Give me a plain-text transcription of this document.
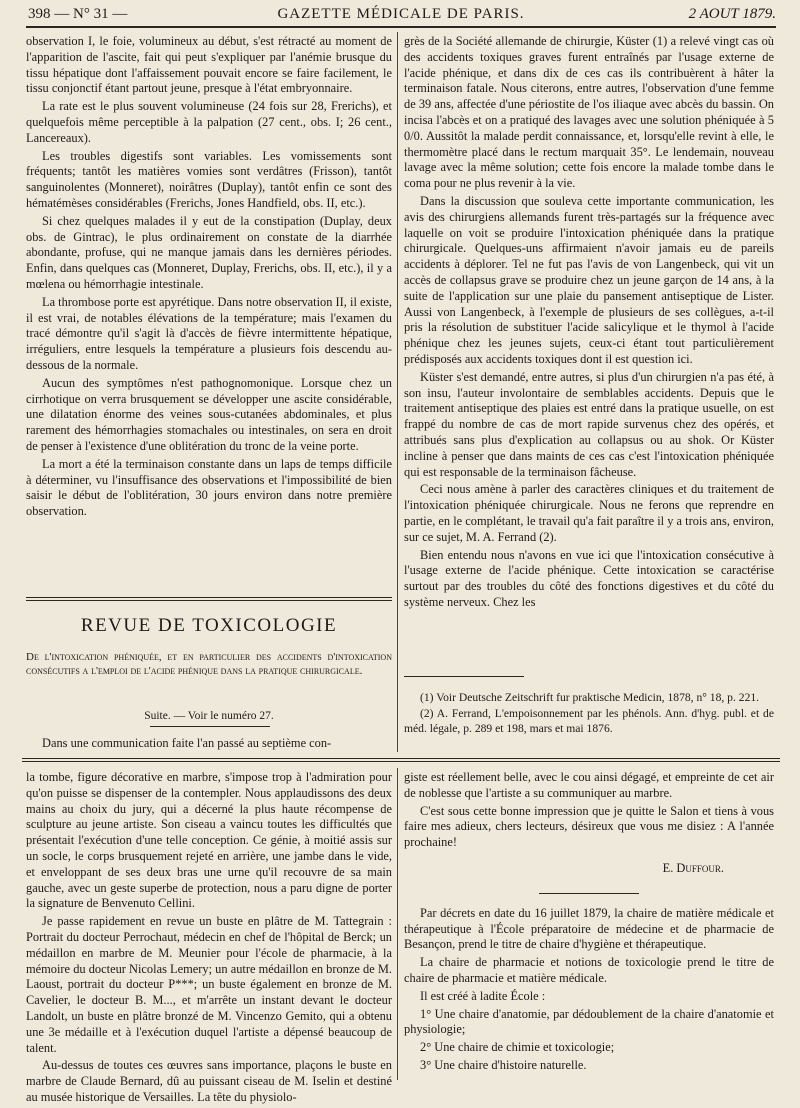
398 — N° 31 —	GAZETTE MÉDICALE DE PARIS.	2 AOUT 1879.

observation I, le foie, volumineux au début, s'est rétracté au moment de l'apparition de l'ascite, fait qui peut s'expliquer par l'anémie brusque du tissu hépatique dont l'affaissement pouvait encore se faire facilement, le tissu conjonctif étant partout jeune, presque à l'état embryonnaire.

La rate est le plus souvent volumineuse (24 fois sur 28, Frerichs), et quelquefois même perceptible à la palpation (27 cent., obs. I; 26 cent., Lancereaux).

Les troubles digestifs sont variables. Les vomissements sont fréquents; tantôt les matières vomies sont verdâtres (Frisson), tantôt sanguinolentes (Monneret), noirâtres (Duplay), tantôt enfin ce sont des hématémèses considérables (Frerichs, Jones Handfield, obs. II, etc.).

Si chez quelques malades il y eut de la constipation (Duplay, deux obs. de Gintrac), le plus ordinairement on constate de la diarrhée abondante, profuse, qui ne manque jamais dans les dernières périodes. Enfin, dans quelques cas (Monneret, Duplay, Frerichs, obs. II, etc.), il y a mœlena ou hémorrhagie intestinale.

La thrombose porte est apyrétique. Dans notre observation II, il existe, il est vrai, de notables élévations de la température; mais l'examen du tracé démontre qu'il s'agit là d'accès de fièvre intermittente hépatique, irréguliers, entre lesquels la température a plusieurs fois descendu au-dessous de la normale.

Aucun des symptômes n'est pathognomonique. Lorsque chez un cirrhotique on verra brusquement se développer une ascite considérable, une dilatation énorme des veines sous-cutanées abdominales, et plus rarement des hémorrhagies stomachales ou intestinales, on sera en droit de penser à l'existence d'une oblitération du tronc de la veine porte.

La mort a été la terminaison constante dans un laps de temps difficile à déterminer, vu l'insuffisance des observations et l'impossibilité de bien saisir le début de l'oblitération, 30 jours environ dans notre première observation.

REVUE DE TOXICOLOGIE
De l'intoxication phéniquée, et en particulier des accidents d'intoxication consécutifs a l'emploi de l'acide phénique dans la pratique chirurgicale.
Suite. — Voir le numéro 27.
Dans une communication faite l'an passé au septième con-

grès de la Société allemande de chirurgie, Küster (1) a relevé vingt cas où des accidents toxiques graves furent entraînés par l'usage externe de l'acide phénique, et dans dix de ces cas ils contribuèrent à hâter la terminaison fatale. Nous citerons, entre autres, l'observation d'une femme de 39 ans, affectée d'une périostite de l'os iliaque avec abcès du bassin. On incisa l'abcès et on a pratiqué des lavages avec une solution phéniquée à 5 0/0. Aussitôt la malade perdit connaissance, et, lorsqu'elle revint à elle, le thermomètre placé dans le rectum marquait 35°. Le lendemain, nouveau lavage avec la même solution; cette fois encore la malade tombe dans le coma pour ne plus revenir à la vie.

Dans la discussion que souleva cette importante communication, les avis des chirurgiens allemands furent très-partagés sur la fréquence avec laquelle on voit se produire l'intoxication phéniquée dans la pratique chirurgicale. Quelques-uns affirmaient n'avoir jamais eu de pareils accidents à déplorer. Tel ne fut pas l'avis de von Langenbeck, qui vit un accès de collapsus grave se produire chez un jeune garçon de 14 ans, à la suite de l'application sur une plaie du pansement antiseptique de Lister. Aussi von Langenbeck, à l'exemple de plusieurs de ses collègues, a-t-il pris la résolution de substituer l'acide salicylique et le thymol à l'acide phénique chez les jeunes sujets, ceux-ci étant tout particulièrement prédisposés aux accidents toxiques dont il est question ici.

Küster s'est demandé, entre autres, si plus d'un chirurgien n'a pas été, à son insu, l'auteur involontaire de semblables accidents. Depuis que le traitement antiseptique des plaies est entré dans la pratique usuelle, on est frappé du nombre de cas de mort rapide survenus chez des opérés, et attribués sans plus d'explication au collapsus ou au shok. Or Küster incline à penser que dans maints de ces cas c'est l'intoxication phéniquée qui est responsable de la terminaison fâcheuse.

Ceci nous amène à parler des caractères cliniques et du traitement de l'intoxication phéniquée chirurgicale. Nous ne ferons que reprendre en partie, en le complétant, le travail qu'a fait paraître il y a trois ans, environ, sur ce sujet, M. A. Ferrand (2).

Bien entendu nous n'avons en vue ici que l'intoxication consécutive à l'usage externe de l'acide phénique. Cette intoxication se caractérise surtout par des troubles du côté des fonctions digestives et du côté du système nerveux. Chez les

(1) Voir Deutsche Zeitschrift fur praktische Medicin, 1878, n° 18, p. 221.

(2) A. Ferrand, L'empoisonnement par les phénols. Ann. d'hyg. publ. et de méd. légale, p. 289 et 198, mars et mai 1876.

la tombe, figure décorative en marbre, s'impose trop à l'admiration pour qu'on puisse se dispenser de la contempler. Nous applaudissons des deux mains au choix du jury, qui a décerné la plus haute récompense de sculpture au jeune artiste. Son ciseau a vaincu toutes les difficultés que présentait l'exécution d'une telle conception. Ce génie, à moitié assis sur un socle, le corps brusquement rejeté en arrière, une jambe dans le vide, et enveloppant de ses deux bras une urne qu'il recouvre de sa main gauche, avec un geste superbe de protection, nous a paru digne de porter la signature de Benvenuto Cellini.

Je passe rapidement en revue un buste en plâtre de M. Tattegrain : Portrait du docteur Perrochaut, médecin en chef de l'hôpital de Berck; un médaillon en marbre de M. Meunier pour l'école de pharmacie, à la mémoire du docteur Nicolas Lemery; un autre médaillon en bronze de M. Laoust, portrait du docteur P***; un buste également en bronze de M. Cavelier, le docteur B. M..., et m'arrête un instant devant le docteur Landolt, un buste en plâtre bronzé de M. Vincenzo Gemito, qui a obtenu une 3e médaille et à l'exécution duquel l'artiste a dépensé beaucoup de talent.

Au-dessus de toutes ces œuvres sans importance, plaçons le buste en marbre de Claude Bernard, dû au puissant ciseau de M. Iselin et destiné au musée historique de Versailles. La tête du physiolo-

giste est réellement belle, avec le cou ainsi dégagé, et empreinte de cet air de noblesse que l'artiste a su communiquer au marbre.

C'est sous cette bonne impression que je quitte le Salon et tiens à vous faire mes adieux, chers lecteurs, désireux que vous me disiez : A l'année prochaine!

E. Duffour.

Par décrets en date du 16 juillet 1879, la chaire de matière médicale et thérapeutique à l'École préparatoire de médecine et de pharmacie de Besançon, prend le titre de chaire d'hygiène et thérapeutique.

La chaire de pharmacie et notions de toxicologie prend le titre de chaire de pharmacie et matière médicale.

Il est créé à ladite École :

1° Une chaire d'anatomie, par dédoublement de la chaire d'anatomie et physiologie;

2° Une chaire de chimie et toxicologie;

3° Une chaire d'histoire naturelle.
